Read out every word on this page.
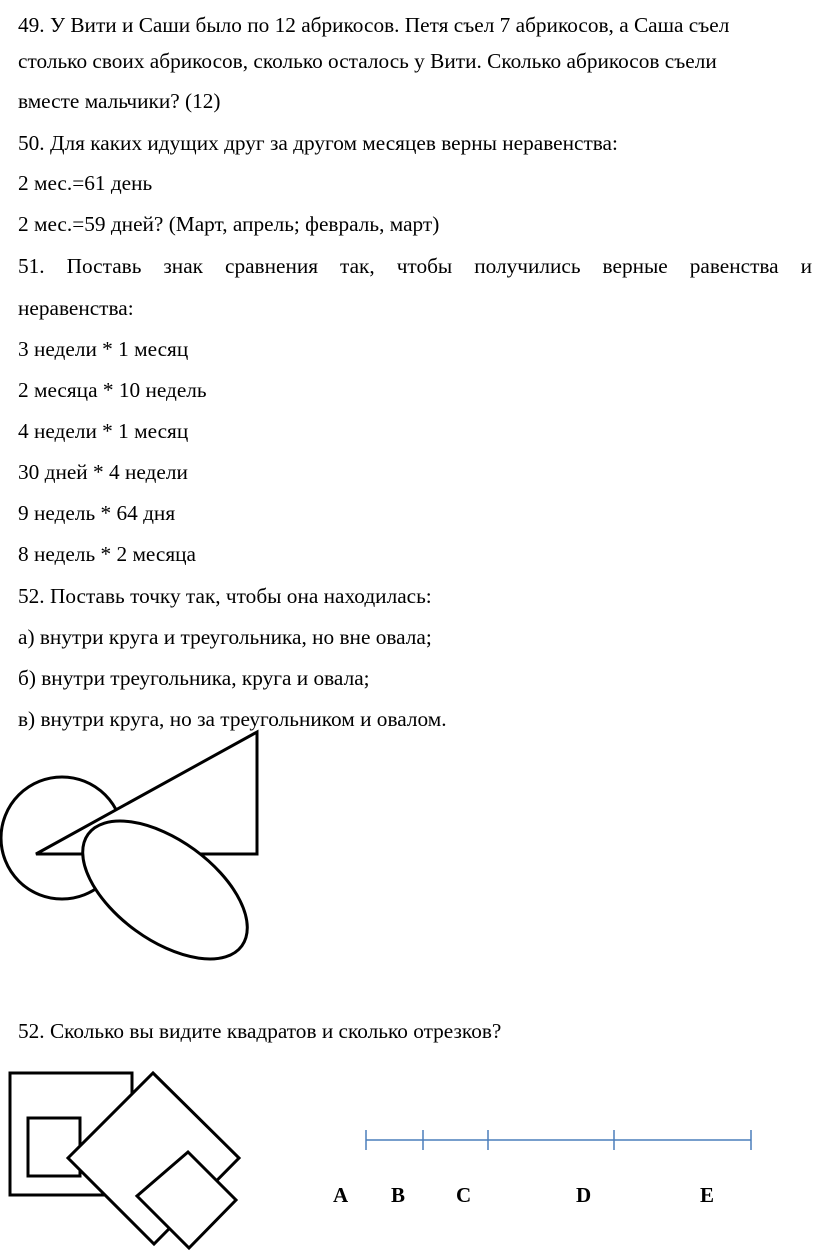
49. У Вити и Саши было по 12 абрикосов. Петя съел 7 абрикосов, а Саша съел
столько своих абрикосов, сколько осталось у Вити. Сколько абрикосов съели
вместе мальчики? (12)
50. Для каких идущих друг за другом месяцев верны неравенства:
2 мес.=61 день
2 мес.=59 дней? (Март, апрель; февраль, март)
51. Поставь знак сравнения так, чтобы получились верные равенства и
неравенства:
3 недели * 1 месяц
2 месяца * 10 недель
4 недели * 1 месяц
30 дней * 4 недели
9 недель * 64 дня
8 недель * 2 месяца
52. Поставь точку так, чтобы она находилась:
а) внутри круга и треугольника, но вне овала;
б) внутри треугольника, круга и овала;
в) внутри круга, но за треугольником и овалом.
52. Сколько вы видите квадратов и сколько отрезков?
A B C	D	E
